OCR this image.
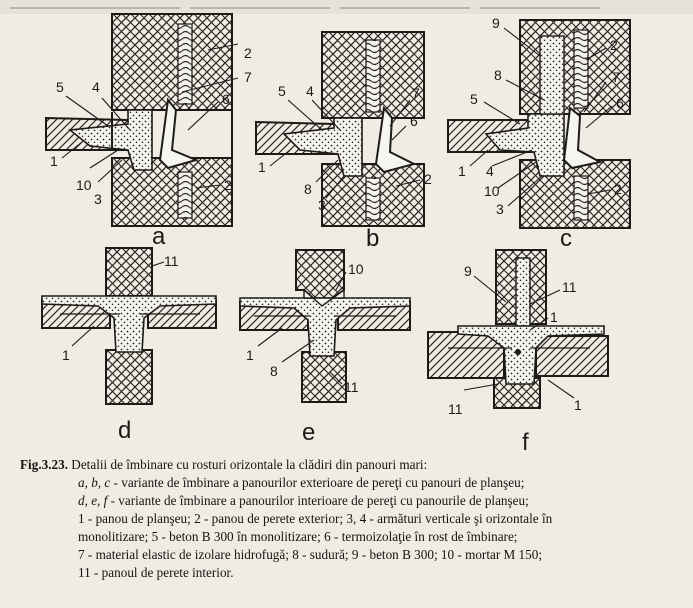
2
7
6
5 4
1
10
3
2
a
5 4	7
6
1
8
3
2
b
9
2
8	7
5	6
1 4
10
3
2
c
11
1
d
10
1
8
11
e
9
11
1
11	1
f

Fig.3.23. Detalii de îmbinare cu rosturi orizontale la clădiri din panouri mari:

a, b, c - variante de îmbinare a panourilor exterioare de pereţi cu panouri de planşeu;

d, e, f - variante de îmbinare a panourilor interioare de pereţi cu panourile de planşeu;

1 - panou de planşeu; 2 - panou de perete exterior; 3, 4 - armături verticale şi orizontale în

monolitizare; 5 - beton B 300 în monolitizare; 6 - termoizolaţie în rost de îmbinare;

7 - material elastic de izolare hidrofugă; 8 - sudură; 9 - beton B 300; 10 - mortar M 150;

11 - panoul de perete interior.
